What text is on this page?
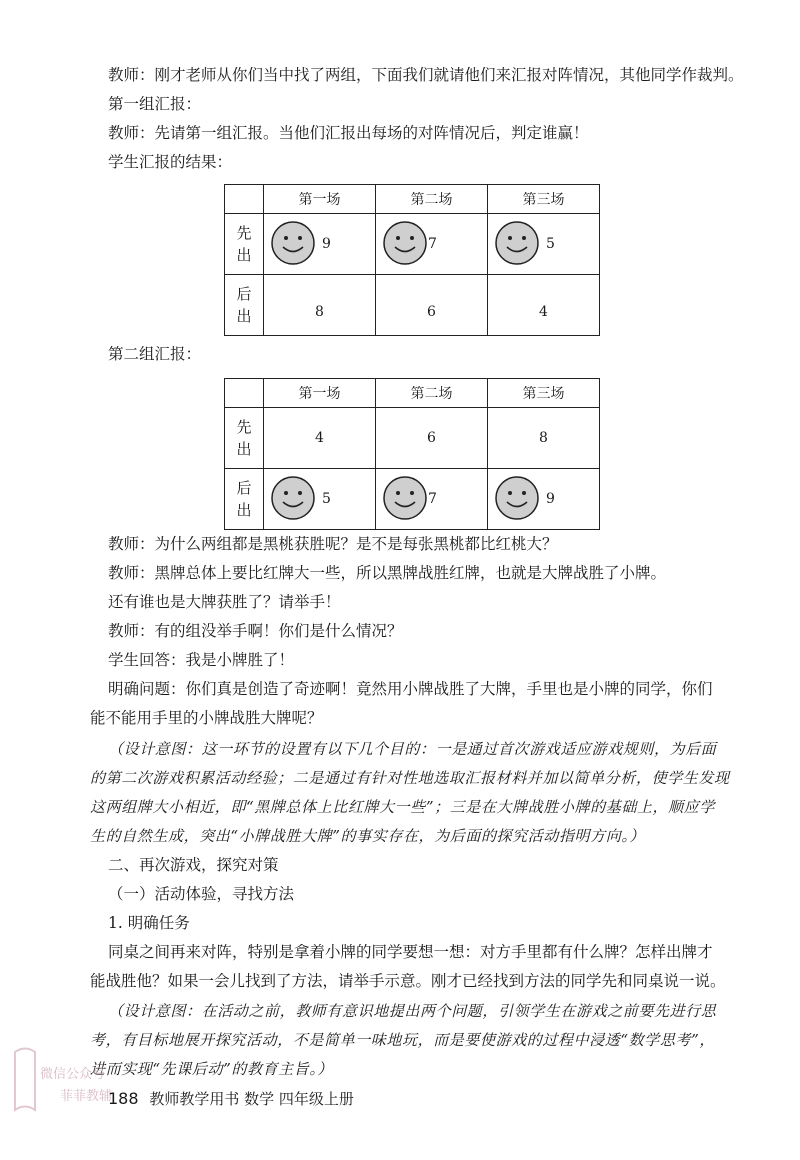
教师：刚才老师从你们当中找了两组，下面我们就请他们来汇报对阵情况，其他同学作裁判。
第一组汇报：
教师：先请第一组汇报。当他们汇报出每场的对阵情况后，判定谁赢！
学生汇报的结果：
	第一场	第二场	第三场
先
出	9	7	5

后
出	8	6	4
第二组汇报：
	第一场	第二场	第三场
先
出	4	6	8

后
出	5	7	9
教师：为什么两组都是黑桃获胜呢？是不是每张黑桃都比红桃大？
教师：黑牌总体上要比红牌大一些，所以黑牌战胜红牌，也就是大牌战胜了小牌。
还有谁也是大牌获胜了？请举手！
教师：有的组没举手啊！你们是什么情况？
学生回答：我是小牌胜了！
明确问题：你们真是创造了奇迹啊！竟然用小牌战胜了大牌，手里也是小牌的同学，你们
能不能用手里的小牌战胜大牌呢？
（设计意图：这一环节的设置有以下几个目的：一是通过首次游戏适应游戏规则，为后面
的第二次游戏积累活动经验；二是通过有针对性地选取汇报材料并加以简单分析，使学生发现
这两组牌大小相近，即“黑牌总体上比红牌大一些”；三是在大牌战胜小牌的基础上，顺应学
生的自然生成，突出“小牌战胜大牌”的事实存在，为后面的探究活动指明方向。）
二、再次游戏，探究对策
（一）活动体验，寻找方法
1. 明确任务
同桌之间再来对阵，特别是拿着小牌的同学要想一想：对方手里都有什么牌？怎样出牌才
能战胜他？如果一会儿找到了方法，请举手示意。刚才已经找到方法的同学先和同桌说一说。
（设计意图：在活动之前，教师有意识地提出两个问题，引领学生在游戏之前要先进行思
考，有目标地展开探究活动，不是简单一味地玩，而是要使游戏的过程中浸透“数学思考”，
进而实现“先课后动”的教育主旨。）
微信公众号
菲菲教辅
188 教师教学用书 数学 四年级上册
